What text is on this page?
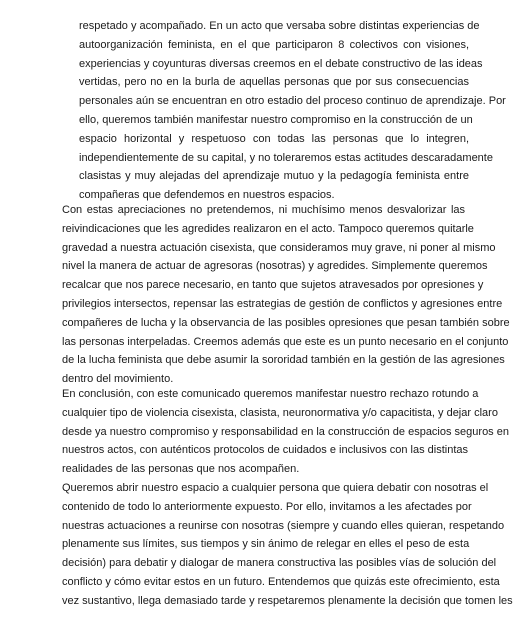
respetado y acompañado. En un acto que versaba sobre distintas experiencias de
autoorganización feminista, en el que participaron 8 colectivos con visiones,
experiencias y coyunturas diversas creemos en el debate constructivo de las ideas
vertidas, pero no en la burla de aquellas personas que por sus consecuencias
personales aún se encuentran en otro estadio del proceso continuo de aprendizaje. Por
ello, queremos también manifestar nuestro compromiso en la construcción de un
espacio horizontal y respetuoso con todas las personas que lo integren,
independientemente de su capital, y no toleraremos estas actitudes descaradamente
clasistas y muy alejadas del aprendizaje mutuo y la pedagogía feminista entre
compañeras que defendemos en nuestros espacios.
Con estas apreciaciones no pretendemos, ni muchísimo menos desvalorizar las
reivindicaciones que les agredides realizaron en el acto. Tampoco queremos quitarle
gravedad a nuestra actuación cisexista, que consideramos muy grave, ni poner al mismo
nivel la manera de actuar de agresoras (nosotras) y agredides. Simplemente queremos
recalcar que nos parece necesario, en tanto que sujetos atravesados por opresiones y
privilegios intersectos, repensar las estrategias de gestión de conflictos y agresiones entre
compañeres de lucha y la observancia de las posibles opresiones que pesan también sobre
las personas interpeladas. Creemos además que este es un punto necesario en el conjunto
de la lucha feminista que debe asumir la sororidad también en la gestión de las agresiones
dentro del movimiento.
En conclusión, con este comunicado queremos manifestar nuestro rechazo rotundo a
cualquier tipo de violencia cisexista, clasista, neuronormativa y/o capacitista, y dejar claro
desde ya nuestro compromiso y responsabilidad en la construcción de espacios seguros en
nuestros actos, con auténticos protocolos de cuidados e inclusivos con las distintas
realidades de las personas que nos acompañen.
Queremos abrir nuestro espacio a cualquier persona que quiera debatir con nosotras el
contenido de todo lo anteriormente expuesto. Por ello, invitamos a les afectades por
nuestras actuaciones a reunirse con nosotras (siempre y cuando elles quieran, respetando
plenamente sus límites, sus tiempos y sin ánimo de relegar en elles el peso de esta
decisión) para debatir y dialogar de manera constructiva las posibles vías de solución del
conflicto y cómo evitar estos en un futuro. Entendemos que quizás este ofrecimiento, esta
vez sustantivo, llega demasiado tarde y respetaremos plenamente la decisión que tomen les
